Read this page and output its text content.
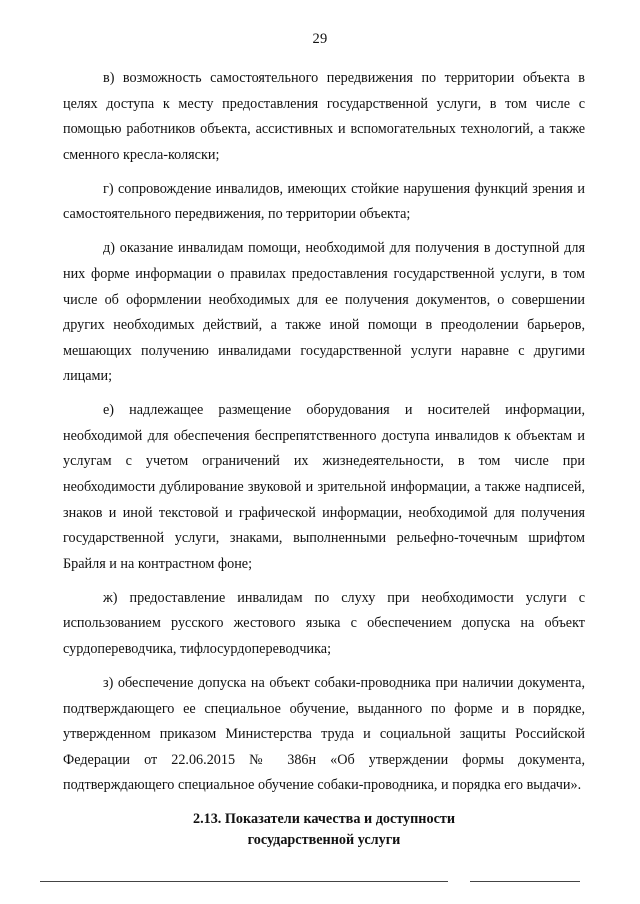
29

в) возможность самостоятельного передвижения по территории объекта в целях доступа к месту предоставления государственной услуги, в том числе с помощью работников объекта, ассистивных и вспомогательных технологий, а также сменного кресла-коляски;

г) сопровождение инвалидов, имеющих стойкие нарушения функций зрения и самостоятельного передвижения, по территории объекта;

д) оказание инвалидам помощи, необходимой для получения в доступной для них форме информации о правилах предоставления государственной услуги, в том числе об оформлении необходимых для ее получения документов, о совершении других необходимых действий, а также иной помощи в преодолении барьеров, мешающих получению инвалидами государственной услуги наравне с другими лицами;

е) надлежащее размещение оборудования и носителей информации, необходимой для обеспечения беспрепятственного доступа инвалидов к объектам и услугам с учетом ограничений их жизнедеятельности, в том числе при необходимости дублирование звуковой и зрительной информации, а также надписей, знаков и иной текстовой и графической информации, необходимой для получения государственной услуги, знаками, выполненными рельефно-точечным шрифтом Брайля и на контрастном фоне;

ж) предоставление инвалидам по слуху при необходимости услуги с использованием русского жестового языка с обеспечением допуска на объект сурдопереводчика, тифлосурдопереводчика;

з) обеспечение допуска на объект собаки-проводника при наличии документа, подтверждающего ее специальное обучение, выданного по форме и в порядке, утвержденном приказом Министерства труда и социальной защиты Российской Федерации от 22.06.2015 № 386н «Об утверждении формы документа, подтверждающего специальное обучение собаки-проводника, и порядка его выдачи».

2.13. Показатели качества и доступности
государственной услуги
